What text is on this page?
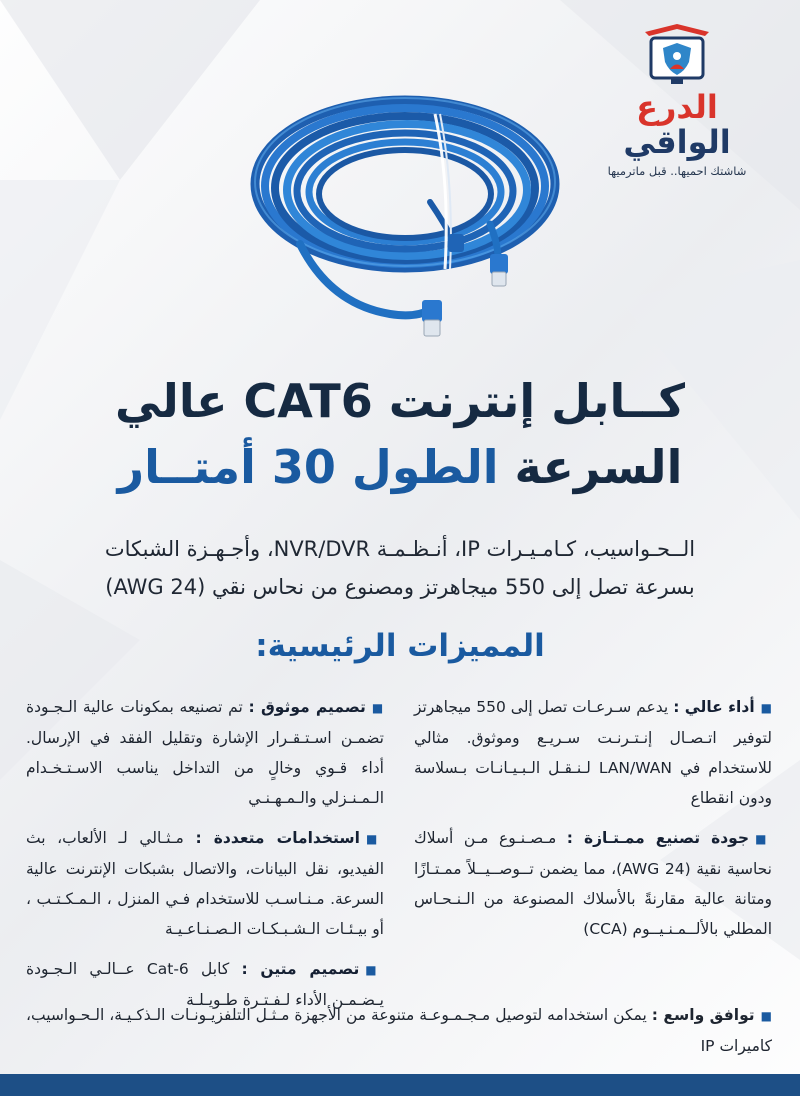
الدرع الواقي
شاشتك احميها.. قبل ماترميها
كــابل إنترنت CAT6 عالي
السرعة الطول 30 أمتــار
الــحـواسيب، كـامـيـرات IP، أنـظـمـة NVR/DVR، وأجـهـزة الشبكات
بسرعة تصل إلى 550 ميجاهرتز ومصنوع من نحاس نقي (AWG 24)
المميزات الرئيسية:
■أداء عالي : يدعم سـرعـات تصل إلى 550 ميجاهرتز لتوفير اتـصـال إنـتـرنـت سـريـع وموثوق. مثالي للاستخدام في LAN/WAN لـنـقـل الـبـيـانـات بـسلاسة ودون انقطاع
■جودة تصنيع ممـتـازة : مـصـنـوع مـن أسلاك نحاسية نقية (AWG 24)، مما يضمن تــوصــيــلاً ممـتـازًا ومتانة عالية مقارنةً بالأسلاك المصنوعة من الـنـحـاس المطلي بالألــمـنـيــوم (CCA)
■تصميم موثوق : تم تصنيعه بمكونات عالية الـجـودة تضمـن اسـتـقـرار الإشارة وتقليل الفقد في الإرسال. أداء قـوي وخالٍ من التداخل يناسب الاسـتـخـدام الـمـنـزلي والـمـهـنـي
■استخدامات متعددة : مـثـالي لـ الألعاب، بث الفيديو، نقل البيانات، والاتصال بشبكات الإنترنت عالية السرعة. مـنـاسـب للاستخدام فـي المنزل ، الـمـكـتـب ، أو بيـئـات الـشـبـكـات الـصـنـاعـيـة
■تصميم متين : كابل Cat-6 عــالـي الـجـودة يـضـمـن الأداء لـفـتـرة طـويـلـة
■توافق واسع : يمكن استخدامه لتوصيل مـجـمـوعـة متنوعة من الأجهزة مـثـل التلفزيـونـات الـذكـيـة، الـحـواسيب، كاميرات IP
